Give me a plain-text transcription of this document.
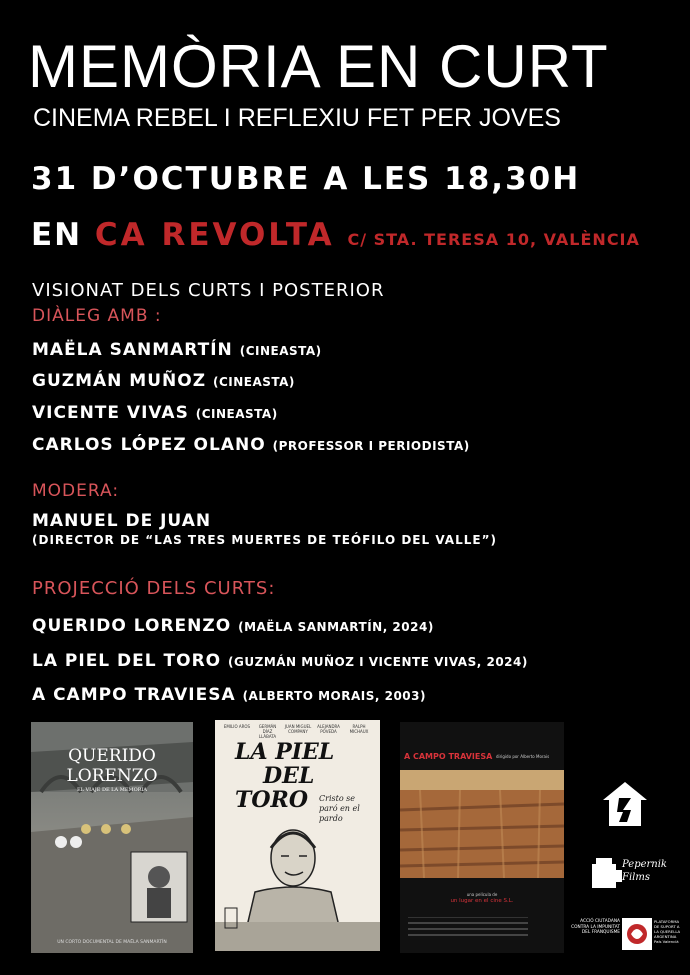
MEMÒRIA EN CURT
CINEMA REBEL I REFLEXIU FET PER JOVES
31 D’OCTUBRE A LES 18,30H
EN CA REVOLTA C/ STA. TERESA 10, VALÈNCIA
VISIONAT DELS CURTS I POSTERIOR
DIÀLEG AMB :
MAËLA SANMARTÍN (CINEASTA)
GUZMÁN MUÑOZ (CINEASTA)
VICENTE VIVAS (CINEASTA)
CARLOS LÓPEZ OLANO (PROFESSOR I PERIODISTA)
MODERA:
MANUEL DE JUAN
(DIRECTOR DE “LAS TRES MUERTES DE TEÓFILO DEL VALLE”)
PROJECCIÓ DELS CURTS:
QUERIDO LORENZO (MAËLA SANMARTÍN, 2024)
LA PIEL DEL TORO (GUZMÁN MUÑOZ I VICENTE VIVAS, 2024)
A CAMPO TRAVIESA (ALBERTO MORAIS, 2003)
QUERIDO
LORENZO
EL VIAJE DE LA MEMORIA
UN CORTO DOCUMENTAL DE MAËLA SANMARTÍN
EMILIO AROS	GERMÁN DÍAZ LLÁBATA
JUAN MIGUEL COMPANY
ALEJANDRA POVEDA
RALPH MICHAUX
LA PIEL
DEL
TORO	Cristo se paró en el pardo
A CAMPO TRAVIESA dirigido por Alberto Morais
una película de
un lugar en el cine S.L.
Pepernik Films
ACCIÓ CIUTADANA CONTRA LA IMPUNITAT DEL FRANQUISME
PLATAFORMA DE SUPORT A LA QUERELLA ARGENTINA País Valencià
